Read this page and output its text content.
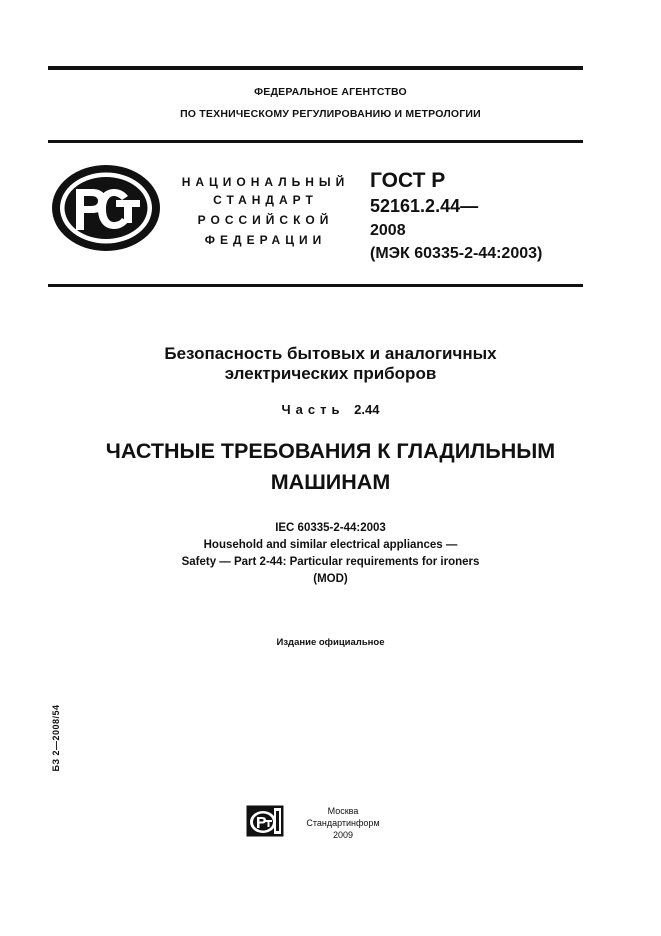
ФЕДЕРАЛЬНОЕ АГЕНТСТВО
ПО ТЕХНИЧЕСКОМУ РЕГУЛИРОВАНИЮ И МЕТРОЛОГИИ
НАЦИОНАЛЬНЫЙ
СТАНДАРТ
РОССИЙСКОЙ
ФЕДЕРАЦИИ
ГОСТ Р
52161.2.44—
2008
(МЭК 60335-2-44:2003)
Безопасность бытовых и аналогичных
электрических приборов
Часть 2.44
ЧАСТНЫЕ ТРЕБОВАНИЯ К ГЛАДИЛЬНЫМ
МАШИНАМ
IEC 60335-2-44:2003
Household and similar electrical appliances —
Safety — Part 2-44: Particular requirements for ironers
(MOD)
Издание официальное
БЗ 2—2008/54
Москва
Стандартинформ
2009
